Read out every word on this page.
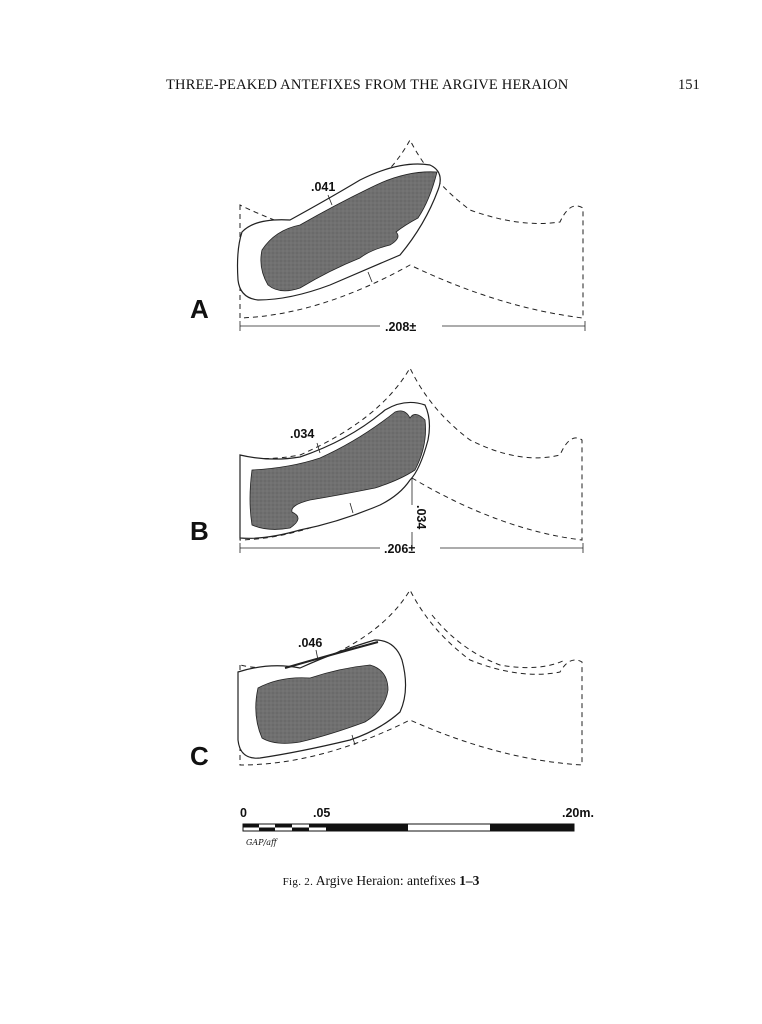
THREE-PEAKED ANTEFIXES FROM THE ARGIVE HERAION	151
.041
.208±
A
.034
.034
.206±
B
.046
C
0	.05	.20m.
GAP/aff
Fig. 2. Argive Heraion: antefixes 1–3
